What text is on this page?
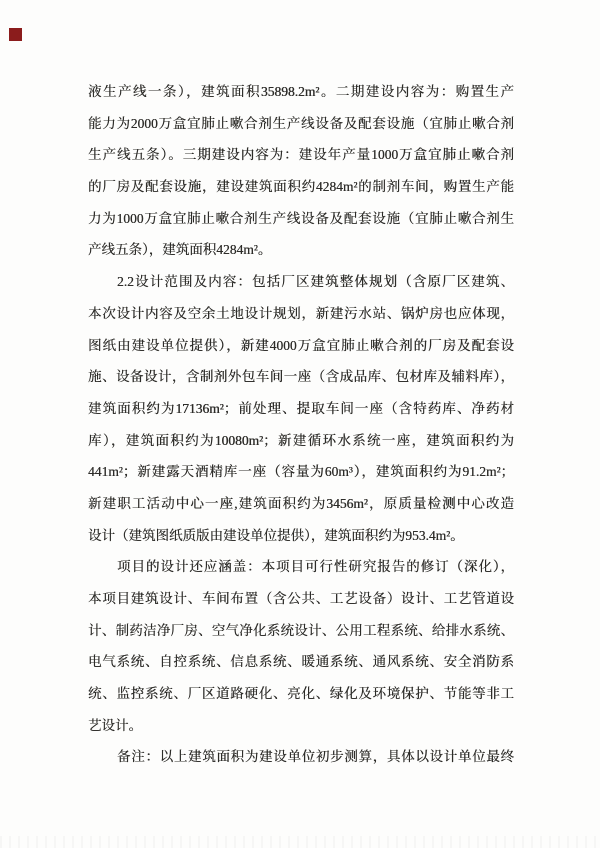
液生产线一条），建筑面积35898.2m²。二期建设内容为：购置生产
能力为2000万盒宜肺止嗽合剂生产线设备及配套设施（宜肺止嗽合剂
生产线五条）。三期建设内容为：建设年产量1000万盒宜肺止嗽合剂
的厂房及配套设施，建设建筑面积约4284m²的制剂车间，购置生产能
力为1000万盒宜肺止嗽合剂生产线设备及配套设施（宜肺止嗽合剂生
产线五条），建筑面积4284m²。
2.2设计范围及内容：包括厂区建筑整体规划（含原厂区建筑、
本次设计内容及空余土地设计规划，新建污水站、锅炉房也应体现，
图纸由建设单位提供），新建4000万盒宜肺止嗽合剂的厂房及配套设
施、设备设计，含制剂外包车间一座（含成品库、包材库及辅料库），
建筑面积约为17136m²；前处理、提取车间一座（含特药库、净药材
库），建筑面积约为10080m²；新建循环水系统一座，建筑面积约为
441m²；新建露天酒精库一座（容量为60m³），建筑面积约为91.2m²；
新建职工活动中心一座,建筑面积约为3456m²，原质量检测中心改造
设计（建筑图纸质版由建设单位提供），建筑面积约为953.4m²。
项目的设计还应涵盖：本项目可行性研究报告的修订（深化），
本项目建筑设计、车间布置（含公共、工艺设备）设计、工艺管道设
计、制药洁净厂房、空气净化系统设计、公用工程系统、给排水系统、
电气系统、自控系统、信息系统、暖通系统、通风系统、安全消防系
统、监控系统、厂区道路硬化、亮化、绿化及环境保护、节能等非工
艺设计。
备注：以上建筑面积为建设单位初步测算，具体以设计单位最终
